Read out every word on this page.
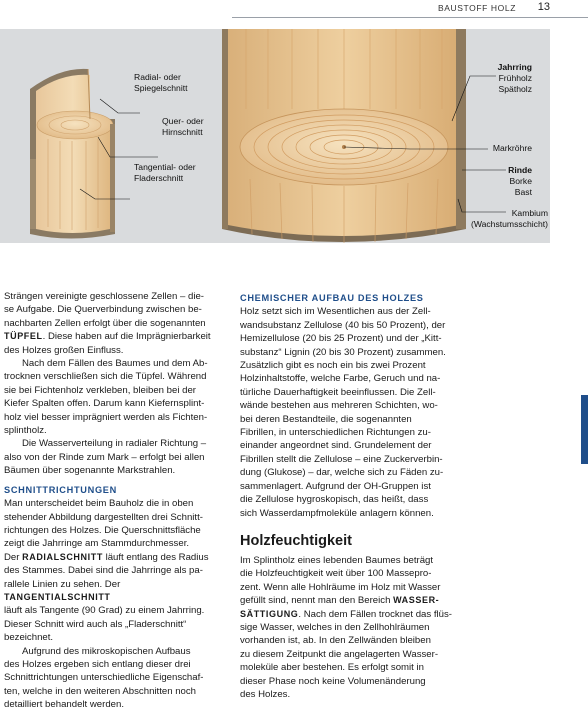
BAUSTOFF HOLZ 13
Radial- oder
Spiegelschnitt
Quer- oder
Hirnschnitt
Tangential- oder
Fladerschnitt
Jahrring
Frühholz
Spätholz
Markröhre
Rinde
Borke
Bast
Kambium
(Wachstumsschicht)

Strängen vereinigte geschlossene Zellen – die-

se Aufgabe. Die Querverbindung zwischen be-

nachbarten Zellen erfolgt über die sogenannten

TÜPFEL. Diese haben auf die Imprägnierbarkeit

des Holzes großen Einfluss.

Nach dem Fällen des Baumes und dem Ab-

trocknen verschließen sich die Tüpfel. Während

sie bei Fichtenholz verkleben, bleiben bei der

Kiefer Spalten offen. Darum kann Kiefernsplint-

holz viel besser imprägniert werden als Fichten-

splintholz.

Die Wasserverteilung in radialer Richtung –

also von der Rinde zum Mark – erfolgt bei allen

Bäumen über sogenannte Markstrahlen.

SCHNITTRICHTUNGEN

Man unterscheidet beim Bauholz die in oben

stehender Abbildung dargestellten drei Schnitt-

richtungen des Holzes. Die Querschnittsfläche

zeigt die Jahrringe am Stammdurchmesser.

Der RADIALSCHNITT läuft entlang des Radius

des Stammes. Dabei sind die Jahrringe als pa-

rallele Linien zu sehen. Der TANGENTIALSCHNITT

läuft als Tangente (90 Grad) zu einem Jahrring.

Dieser Schnitt wird auch als „Fladerschnitt“

bezeichnet.

Aufgrund des mikroskopischen Aufbaus

des Holzes ergeben sich entlang dieser drei

Schnittrichtungen unterschiedliche Eigenschaf-

ten, welche in den weiteren Abschnitten noch

detailliert behandelt werden.

CHEMISCHER AUFBAU DES HOLZES

Holz setzt sich im Wesentlichen aus der Zell-

wandsubstanz Zellulose (40 bis 50 Prozent), der

Hemizellulose (20 bis 25 Prozent) und der „Kitt-

substanz“ Lignin (20 bis 30 Prozent) zusammen.

Zusätzlich gibt es noch ein bis zwei Prozent

Holzinhaltstoffe, welche Farbe, Geruch und na-

türliche Dauerhaftigkeit beeinflussen. Die Zell-

wände bestehen aus mehreren Schichten, wo-

bei deren Bestandteile, die sogenannten

Fibrillen, in unterschiedlichen Richtungen zu-

einander angeordnet sind. Grundelement der

Fibrillen stellt die Zellulose – eine Zuckerverbin-

dung (Glukose) – dar, welche sich zu Fäden zu-

sammenlagert. Aufgrund der OH-Gruppen ist

die Zellulose hygroskopisch, das heißt, dass

sich Wasserdampfmoleküle anlagern können.

Holzfeuchtigkeit

Im Splintholz eines lebenden Baumes beträgt

die Holzfeuchtigkeit weit über 100 Massepro-

zent. Wenn alle Hohlräume im Holz mit Wasser

gefüllt sind, nennt man den Bereich WASSER-

SÄTTIGUNG. Nach dem Fällen trocknet das flüs-

sige Wasser, welches in den Zellhohlräumen

vorhanden ist, ab. In den Zellwänden bleiben

zu diesem Zeitpunkt die angelagerten Wasser-

moleküle aber bestehen. Es erfolgt somit in

dieser Phase noch keine Volumenänderung

des Holzes.
